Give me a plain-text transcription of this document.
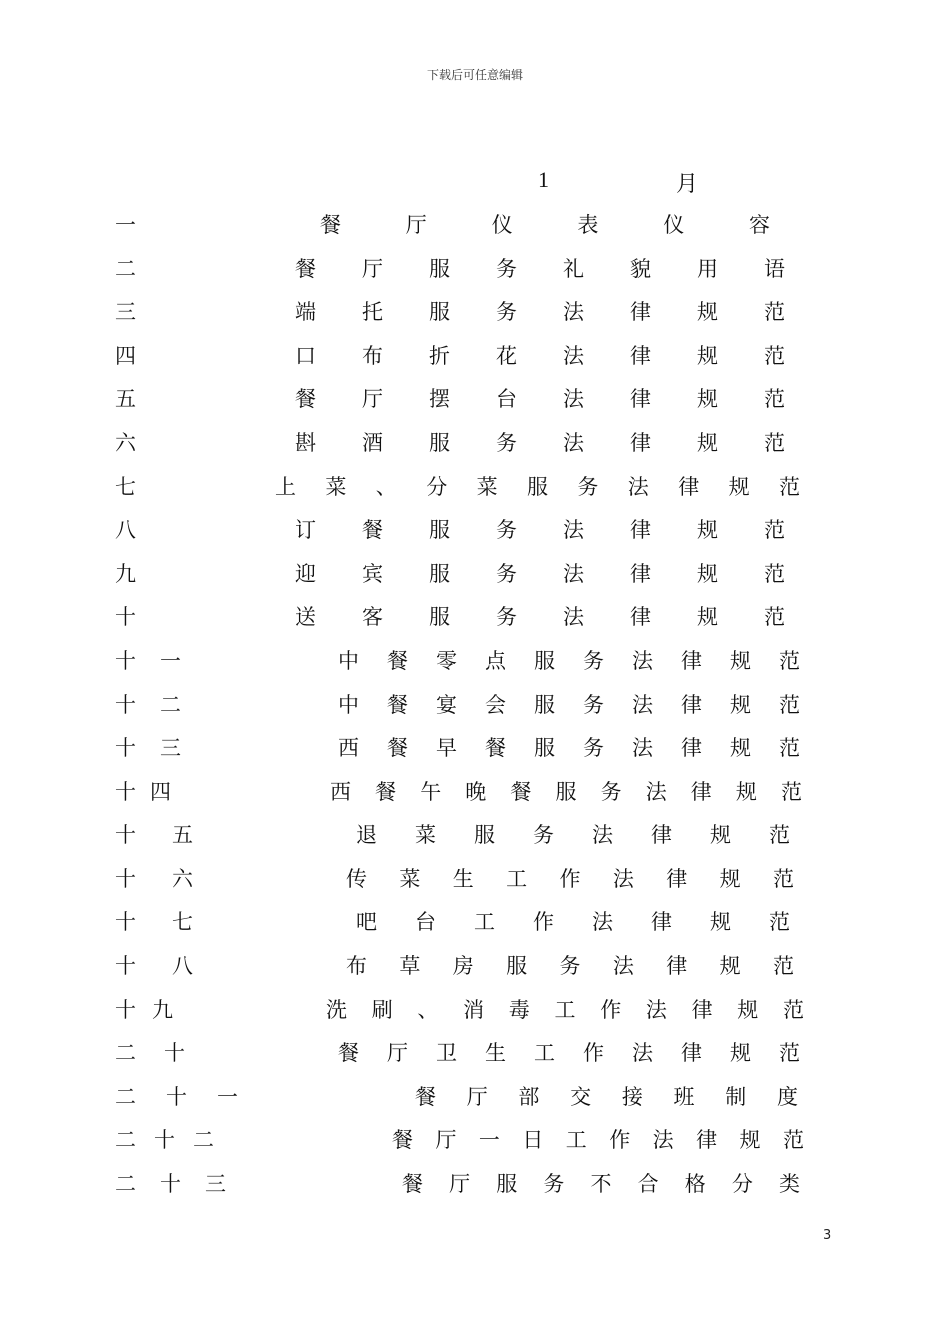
下载后可任意编辑
1	月
一	餐厅仪表仪容
二	餐厅服务礼貌用语
三	端托服务法律规范
四	口布折花法律规范
五	餐厅摆台法律规范
六	斟酒服务法律规范
七	上菜、分菜服务法律规范
八	订餐服务法律规范
九	迎宾服务法律规范
十	送客服务法律规范
十一	中餐零点服务法律规范
十二	中餐宴会服务法律规范
十三	西餐早餐服务法律规范
十四	西餐午晚餐服务法律规范
十五	退菜服务法律规范
十六	传菜生工作法律规范
十七	吧台工作法律规范
十八	布草房服务法律规范
十九	洗刷、消毒工作法律规范
二十	餐厅卫生工作法律规范
二十一	餐厅部交接班制度
二十二	餐厅一日工作法律规范
二十三	餐厅服务不合格分类
3
